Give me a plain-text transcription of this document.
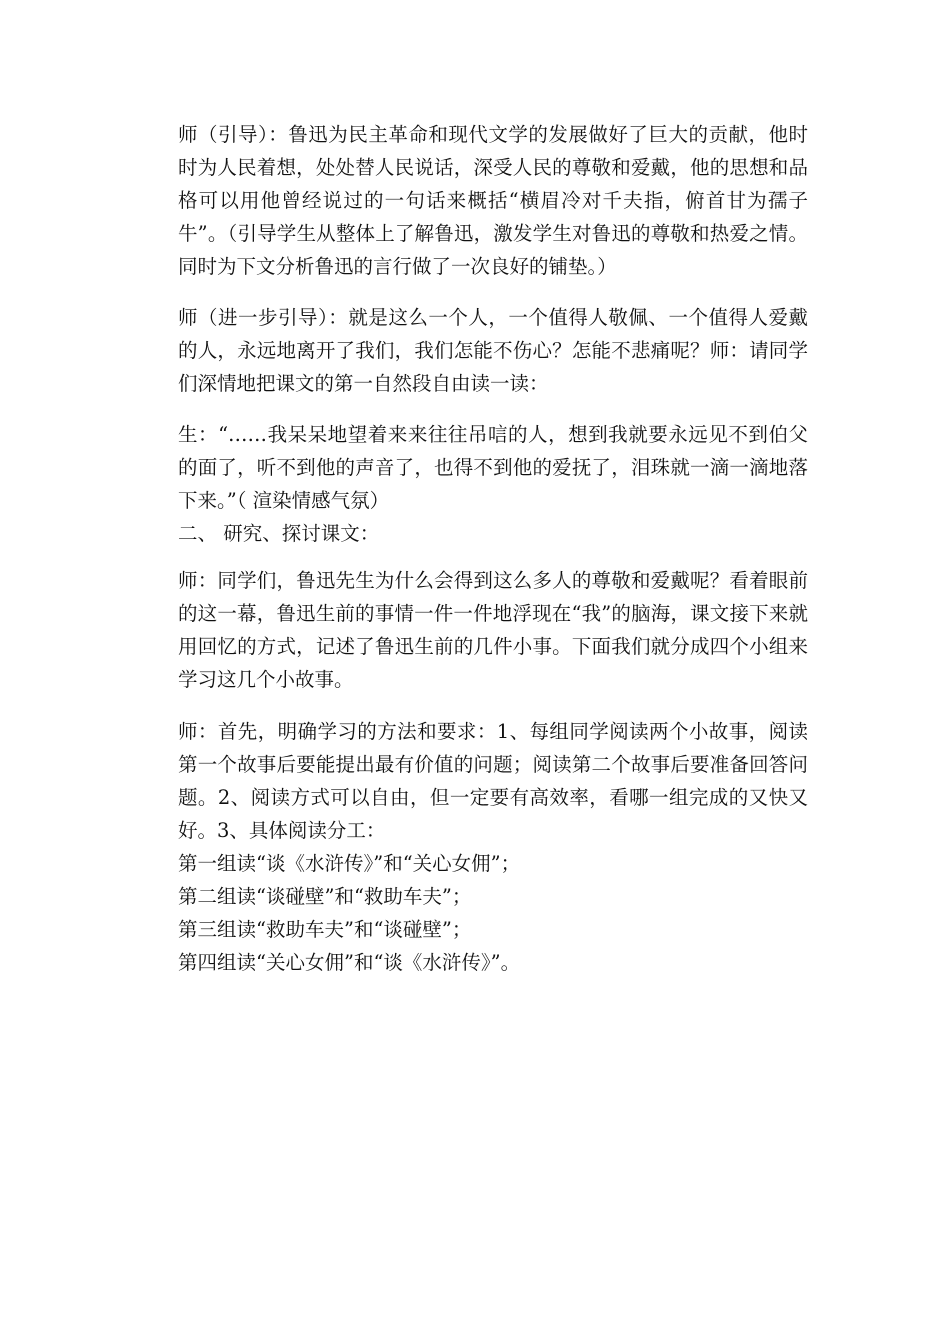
师（引导）：鲁迅为民主革命和现代文学的发展做好了巨大的贡献，他时时为人民着想，处处替人民说话，深受人民的尊敬和爱戴，他的思想和品格可以用他曾经说过的一句话来概括“横眉冷对千夫指，俯首甘为孺子牛”。（引导学生从整体上了解鲁迅，激发学生对鲁迅的尊敬和热爱之情。同时为下文分析鲁迅的言行做了一次良好的铺垫。）

师（进一步引导）：就是这么一个人，一个值得人敬佩、一个值得人爱戴的人，永远地离开了我们，我们怎能不伤心？怎能不悲痛呢？师：请同学们深情地把课文的第一自然段自由读一读：

生：“……我呆呆地望着来来往往吊唁的人，想到我就要永远见不到伯父的面了，听不到他的声音了，也得不到他的爱抚了，泪珠就一滴一滴地落下来。”（ 渲染情感气氛）

二、 研究、探讨课文：

师：同学们，鲁迅先生为什么会得到这么多人的尊敬和爱戴呢？看着眼前的这一幕，鲁迅生前的事情一件一件地浮现在“我”的脑海，课文接下来就用回忆的方式，记述了鲁迅生前的几件小事。下面我们就分成四个小组来学习这几个小故事。

师：首先，明确学习的方法和要求：1、每组同学阅读两个小故事，阅读第一个故事后要能提出最有价值的问题；阅读第二个故事后要准备回答问题。2、阅读方式可以自由，但一定要有高效率，看哪一组完成的又快又好。3、具体阅读分工：

第一组读“谈《水浒传》”和“关心女佣”；

第二组读“谈碰壁”和“救助车夫”；

第三组读“救助车夫”和“谈碰壁”；

第四组读“关心女佣”和“谈《水浒传》”。
